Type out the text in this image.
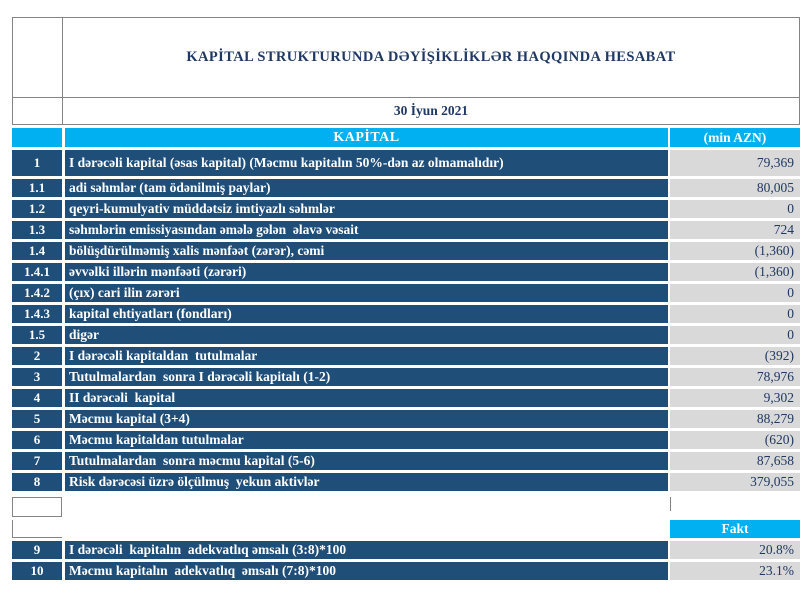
KAPİTAL STRUKTURUNDA DƏYİŞİKLİKLƏR HAQQINDA HESABAT
30 İyun 2021
KAPİTAL	(min AZN)
1	I dərəcəli kapital (əsas kapital) (Məcmu kapitalın 50%-dən az olmamalıdır)	79,369
1.1	adi səhmlər (tam ödənilmiş paylar)	80,005
1.2	qeyri-kumulyativ müddətsiz imtiyazlı səhmlər	0
1.3	səhmlərin emissiyasından əmələ gələn  əlavə vəsait	724
1.4	bölüşdürülməmiş xalis mənfəət (zərər), cəmi	(1,360)
1.4.1	əvvəlki illərin mənfəəti (zərəri)	(1,360)
1.4.2	(çıx) cari ilin zərəri	0
1.4.3	kapital ehtiyatları (fondları)	0
1.5	digər	0
2	I dərəcəli kapitaldan  tutulmalar	(392)
3	Tutulmalardan  sonra I dərəcəli kapitalı (1-2)	78,976
4	II dərəcəli  kapital	9,302
5	Məcmu kapital (3+4)	88,279
6	Məcmu kapitaldan tutulmalar	(620)
7	Tutulmalardan  sonra məcmu kapital (5-6)	87,658
8	Risk dərəcəsi üzrə ölçülmuş  yekun aktivlər	379,055
Fakt
9	I dərəcəli  kapitalın  adekvatlıq əmsalı (3:8)*100	20.8%
10	Məcmu kapitalın  adekvatlıq  əmsalı (7:8)*100	23.1%
